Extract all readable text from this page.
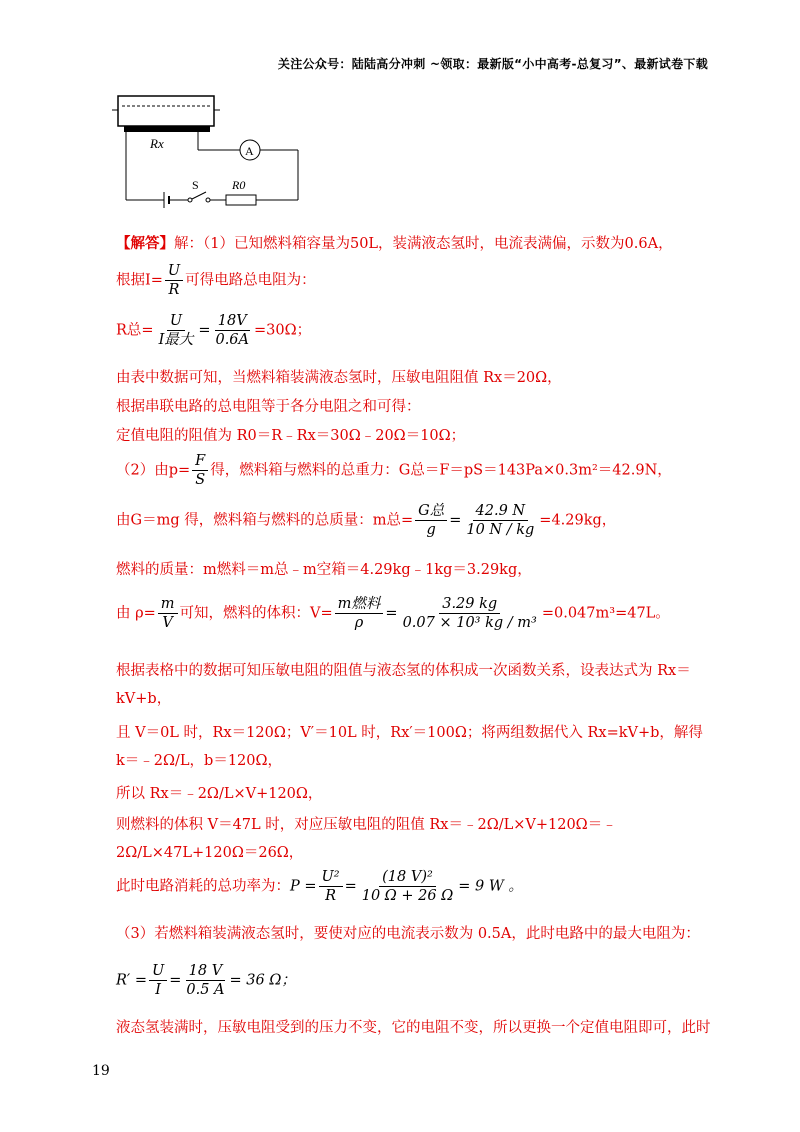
关注公众号：陆陆高分冲刺 ~领取：最新版“小中高考-总复习”、最新试卷下载
A
Rx
S	R0
【解答】解：（1）已知燃料箱容量为50L，装满液态氢时，电流表满偏，示数为0.6A，
根据$I= \frac{U}{R}$ 可得电路总电阻为：
R总= $\frac{U}{\text{I最大}} = \frac{18V}{0.6A} =30\Omega$；
由表中数据可知，当燃料箱装满液态氢时，压敏电阻阻值 Rx＝20Ω，
根据串联电路的总电阻等于各分电阻之和可得：
定值电阻的阻值为 R0＝R﹣Rx＝30Ω﹣20Ω＝10Ω；
（2）由$p= \frac{F}{S}$ 得，燃料箱与燃料的总重力：G总＝F＝pS＝143Pa×0.3m²＝42.9N，
由G＝mg 得，燃料箱与燃料的总质量：m总= $\frac{\text{G总}}{g} = \frac{42.9 N}{10 N / kg} =4.29kg$，
燃料的质量：m燃料＝m总﹣m空箱＝4.29kg﹣1kg＝3.29kg，
由 $\rho= \frac{m}{V}$ 可知，燃料的体积：$V= \frac{\text{m燃料}}{\rho} = \frac{3.29 kg}{\text{0.07 × 10³ kg / m³}} =0.047m^3=47L$。
根据表格中的数据可知压敏电阻的阻值与液态氢的体积成一次函数关系，设表达式为 Rx＝kV+b，
且 V＝0L 时，Rx＝120Ω；V′＝10L 时，Rx′＝100Ω；将两组数据代入 Rx=kV+b，解得 k＝﹣2Ω/L，b＝120Ω，
所以 Rx＝﹣2Ω/L×V+120Ω，
则燃料的体积 V＝47L 时，对应压敏电阻的阻值 Rx＝﹣2Ω/L×V+120Ω＝﹣2Ω/L×47L+120Ω＝26Ω，
此时电路消耗的总功率为：$P = \frac{\text{U²}}{R} = \frac{\text{(18 V)²}}{10 \Omega + 26 \Omega} = 9$ W 。
（3）若燃料箱装满液态氢时，要使对应的电流表示数为 0.5A，此时电路中的最大电阻为：
$R' = \frac{U}{I} = \frac{18 V}{0.5 A} = 36$ Ω；
液态氢装满时，压敏电阻受到的压力不变，它的电阻不变，所以更换一个定值电阻即可，此时
19
